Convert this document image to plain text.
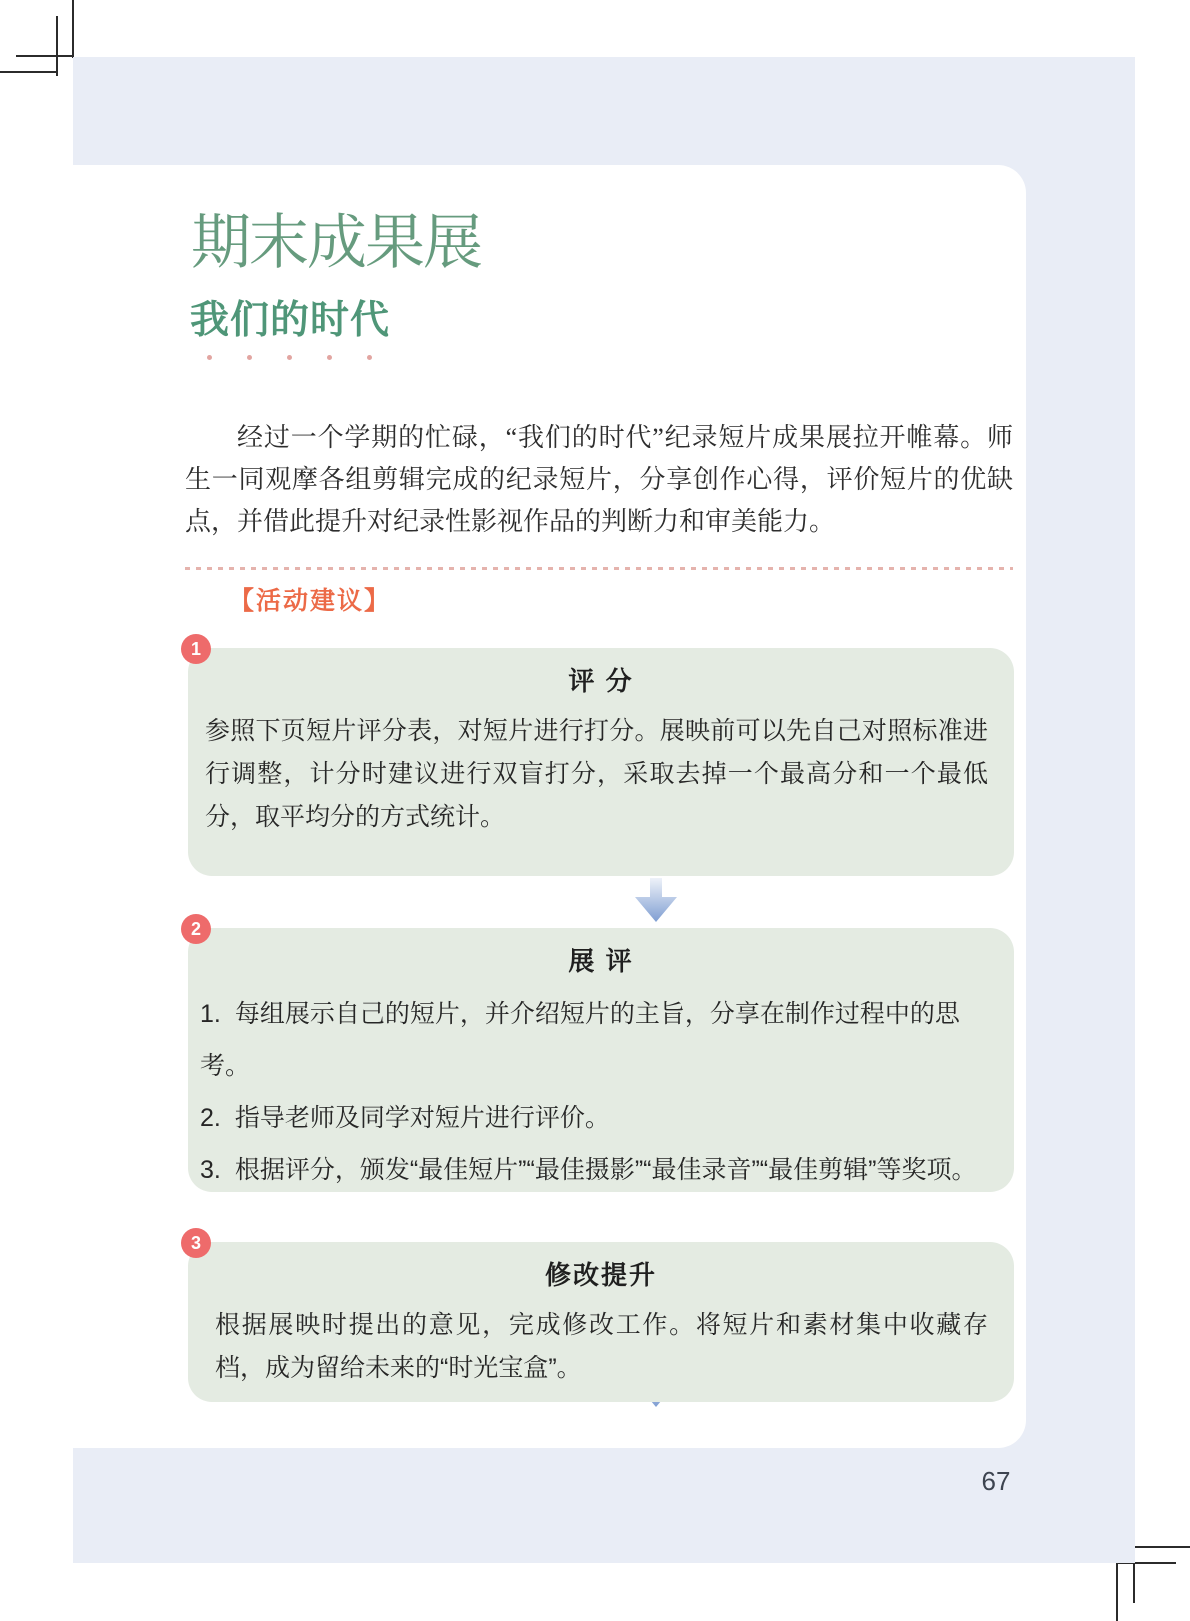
期末成果展
我们的时代

经过一个学期的忙碌，“我们的时代”纪录短片成果展拉开帷幕。师生一同观摩各组剪辑完成的纪录短片，分享创作心得，评价短片的优缺点，并借此提升对纪录性影视作品的判断力和审美能力。

【活动建议】
1
评 分

参照下页短片评分表，对短片进行打分。展映前可以先自己对照标准进行调整，计分时建议进行双盲打分，采取去掉一个最高分和一个最低分，取平均分的方式统计。

2
展 评
1. 每组展示自己的短片，并介绍短片的主旨，分享在制作过程中的思考。
2. 指导老师及同学对短片进行评价。
3. 根据评分，颁发“最佳短片”“最佳摄影”“最佳录音”“最佳剪辑”等奖项。
3
修改提升

根据展映时提出的意见，完成修改工作。将短片和素材集中收藏存档，成为留给未来的“时光宝盒”。

67
